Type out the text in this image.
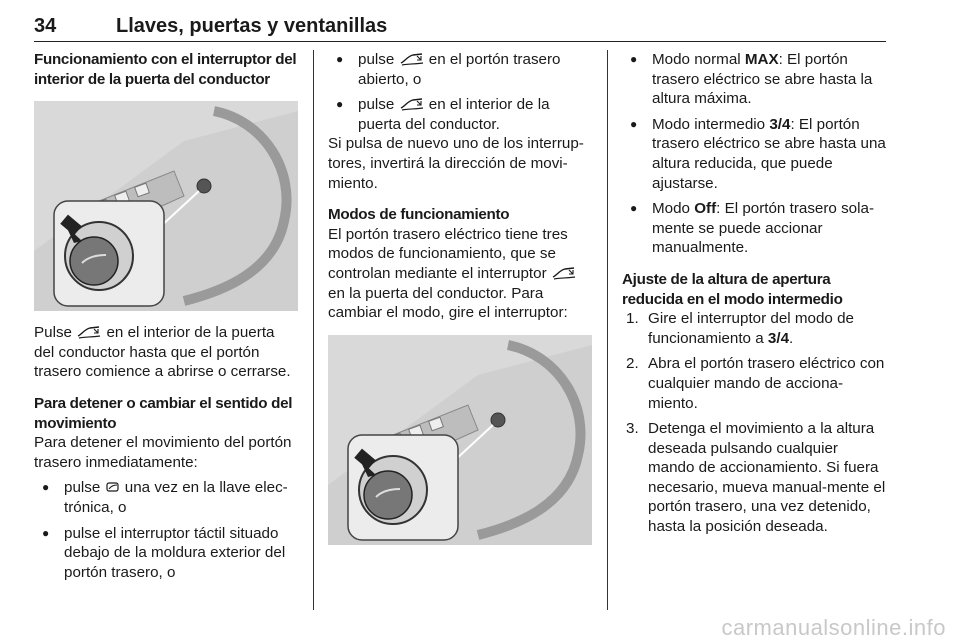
34	Llaves, puertas y ventanillas

Funcionamiento con el interruptor del interior de la puerta del conductor

Pulse en el interior de la puerta del conductor hasta que el portón trasero comience a abrirse o cerrarse.

Para detener o cambiar el sentido del movimiento

Para detener el movimiento del portón trasero inmediatamente:

● pulse una vez en la llave elec-trónica, o

● pulse el interruptor táctil situado debajo de la moldura exterior del portón trasero, o

● pulse en el portón trasero abierto, o

● pulse en el interior de la puerta del conductor.

Si pulsa de nuevo uno de los interrup-tores, invertirá la dirección de movi-miento.

Modos de funcionamiento

El portón trasero eléctrico tiene tres modos de funcionamiento, que se controlan mediante el interruptor  en la puerta del conductor. Para cambiar el modo, gire el interruptor:

● Modo normal MAX: El portón trasero eléctrico se abre hasta la altura máxima.

● Modo intermedio 3/4: El portón trasero eléctrico se abre hasta una altura reducida, que puede ajustarse.

● Modo Off: El portón trasero sola-mente se puede accionar manualmente.

Ajuste de la altura de apertura reducida en el modo intermedio

1. Gire el interruptor del modo de funcionamiento a 3/4.

2. Abra el portón trasero eléctrico con cualquier mando de acciona-miento.

3. Detenga el movimiento a la altura deseada pulsando cualquier mando de accionamiento. Si fuera necesario, mueva manual-mente el portón trasero, una vez detenido, hasta la posición deseada.

carmanualsonline.info
